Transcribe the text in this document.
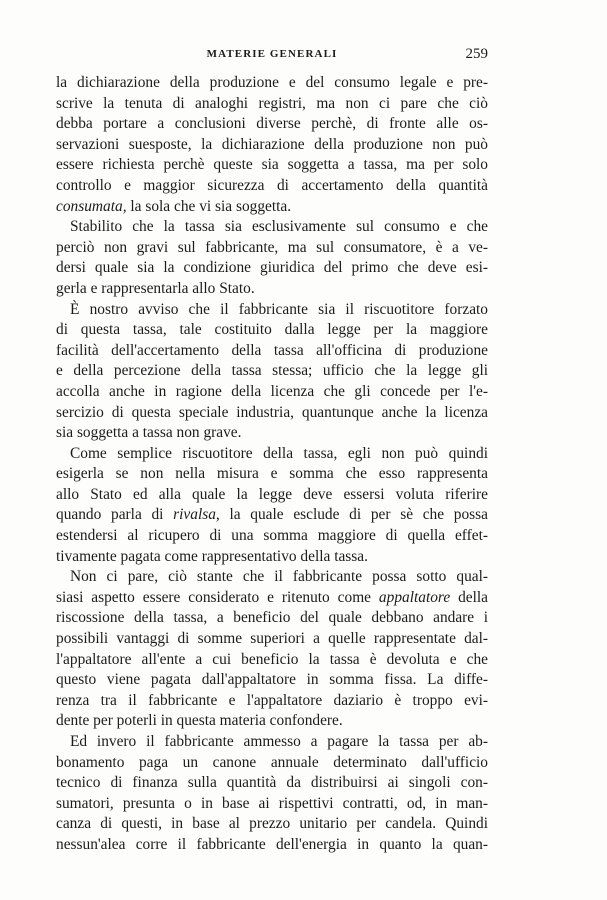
MATERIE GENERALI	259
la dichiarazione della produzione e del consumo legale e pre-
scrive la tenuta di analoghi registri, ma non ci pare che ciò
debba portare a conclusioni diverse perchè, di fronte alle os-
servazioni suesposte, la dichiarazione della produzione non può
essere richiesta perchè queste sia soggetta a tassa, ma per solo
controllo e maggior sicurezza di accertamento della quantità
consumata, la sola che vi sia soggetta.
Stabilito che la tassa sia esclusivamente sul consumo e che
perciò non gravi sul fabbricante, ma sul consumatore, è a ve-
dersi quale sia la condizione giuridica del primo che deve esi-
gerla e rappresentarla allo Stato.
È nostro avviso che il fabbricante sia il riscuotitore forzato
di questa tassa, tale costituito dalla legge per la maggiore
facilità dell'accertamento della tassa all'officina di produzione
e della percezione della tassa stessa; ufficio che la legge gli
accolla anche in ragione della licenza che gli concede per l'e-
sercizio di questa speciale industria, quantunque anche la licenza
sia soggetta a tassa non grave.
Come semplice riscuotitore della tassa, egli non può quindi
esigerla se non nella misura e somma che esso rappresenta
allo Stato ed alla quale la legge deve essersi voluta riferire
quando parla di rivalsa, la quale esclude di per sè che possa
estendersi al ricupero di una somma maggiore di quella effet-
tivamente pagata come rappresentativo della tassa.
Non ci pare, ciò stante che il fabbricante possa sotto qual-
siasi aspetto essere considerato e ritenuto come appaltatore della
riscossione della tassa, a beneficio del quale debbano andare i
possibili vantaggi di somme superiori a quelle rappresentate dal-
l'appaltatore all'ente a cui beneficio la tassa è devoluta e che
questo viene pagata dall'appaltatore in somma fissa. La diffe-
renza tra il fabbricante e l'appaltatore daziario è troppo evi-
dente per poterli in questa materia confondere.
Ed invero il fabbricante ammesso a pagare la tassa per ab-
bonamento paga un canone annuale determinato dall'ufficio
tecnico di finanza sulla quantità da distribuirsi ai singoli con-
sumatori, presunta o in base ai rispettivi contratti, od, in man-
canza di questi, in base al prezzo unitario per candela. Quindi
nessun'alea corre il fabbricante dell'energia in quanto la quan-
